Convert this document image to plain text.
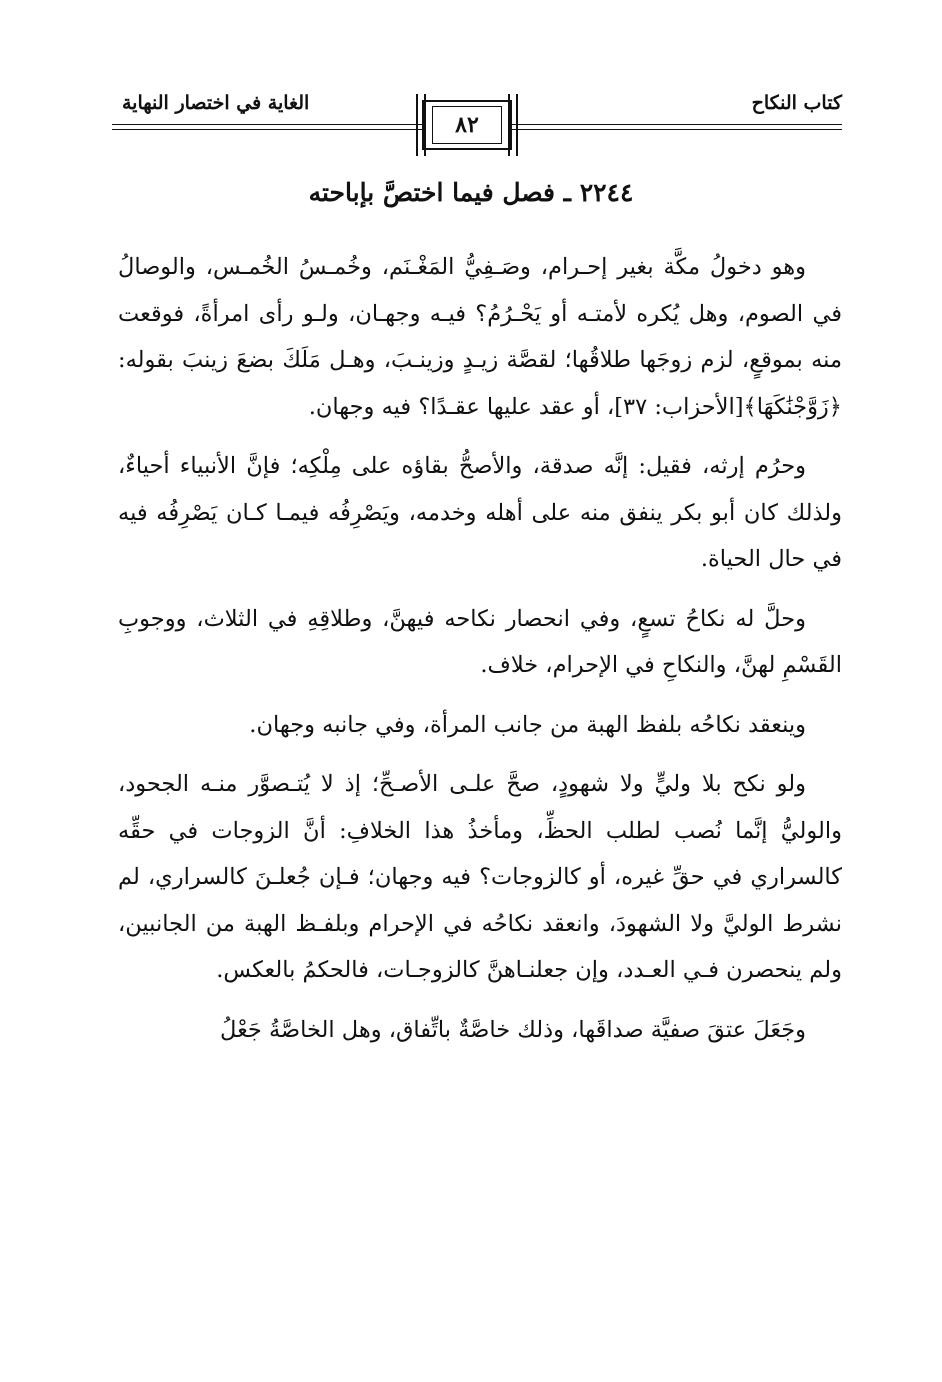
كتاب النكاح
الغاية في اختصار النهاية
٨٢
٢٢٤٤ ـ فصل فيما اختصَّ بإباحته

وهو دخولُ مكَّة بغير إحـرام، وصَـفِيُّ المَغْـنَم، وخُمـسُ الخُمـس، والوصالُ في الصوم، وهل يُكره لأمتـه أو يَحْـرُمُ؟ فيـه وجهـان، ولـو رأى امرأةً، فوقعت منه بموقعٍ، لزم زوجَها طلاقُها؛ لقصَّة زيـدٍ وزينـبَ، وهـل مَلَكَ بضعَ زينبَ بقوله: ﴿زَوَّجْنَٰكَهَا﴾[الأحزاب: ٣٧]، أو عقد عليها عقـدًا؟ فيه وجهان.

وحرُم إرثه، فقيل: إنَّه صدقة، والأصحُّ بقاؤه على مِلْكِه؛ فإنَّ الأنبياء أحياءٌ، ولذلك كان أبو بكر ينفق منه على أهله وخدمه، ويَصْرِفُه فيمـا كـان يَصْرِفُه فيه في حال الحياة.

وحلَّ له نكاحُ تسعٍ، وفي انحصار نكاحه فيهنَّ، وطلاقِهِ في الثلاث، ووجوبِ القَسْمِ لهنَّ، والنكاحِ في الإحرام، خلاف.

وينعقد نكاحُه بلفظ الهبة من جانب المرأة، وفي جانبه وجهان.

ولو نكح بلا وليٍّ ولا شهودٍ، صحَّ علـى الأصـحِّ؛ إذ لا يُتـصوَّر منـه الجحود، والوليُّ إنَّما نُصب لطلب الحظِّ، ومأخذُ هذا الخلافِ: أنَّ الزوجات في حقِّه كالسراري في حقِّ غيره، أو كالزوجات؟ فيه وجهان؛ فـإن جُعلـنَ كالسراري، لم نشرط الوليَّ ولا الشهودَ، وانعقد نكاحُه في الإحرام وبلفـظ الهبة من الجانبين، ولم ينحصرن فـي العـدد، وإن جعلنـاهنَّ كالزوجـات، فالحكمُ بالعكس.

وجَعَلَ عتقَ صفيَّة صداقَها، وذلك خاصَّةٌ باتِّفاق، وهل الخاصَّةُ جَعْلُ
